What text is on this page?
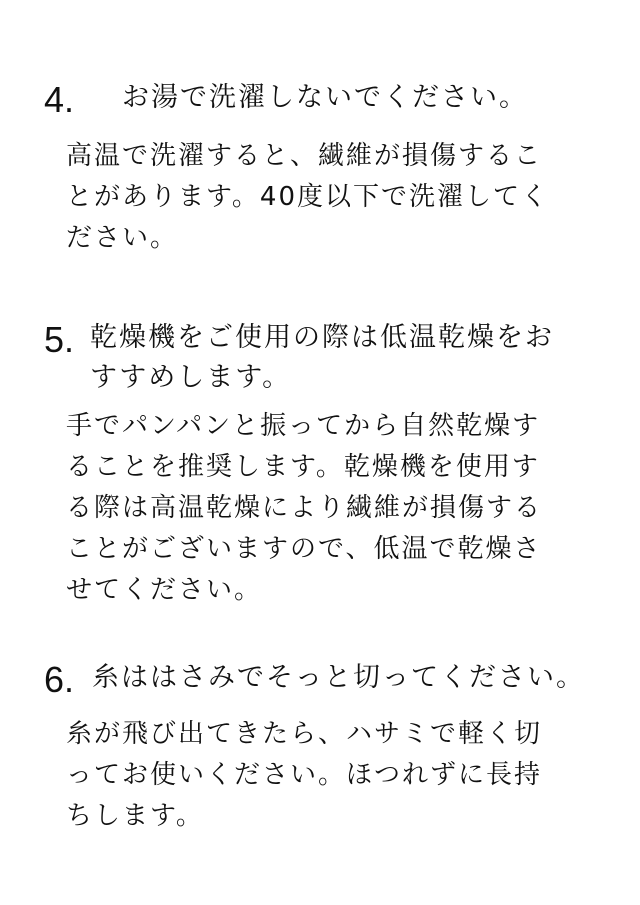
4. お湯で洗濯しないでください。
高温で洗濯すると、繊維が損傷するこ
とがあります。40度以下で洗濯してく
ださい。
5. 乾燥機をご使用の際は低温乾燥をお
すすめします。
手でパンパンと振ってから自然乾燥す
ることを推奨します。乾燥機を使用す
る際は高温乾燥により繊維が損傷する
ことがございますので、低温で乾燥さ
せてください。
6. 糸ははさみでそっと切ってください。
糸が飛び出てきたら、ハサミで軽く切
ってお使いください。ほつれずに長持
ちします。
